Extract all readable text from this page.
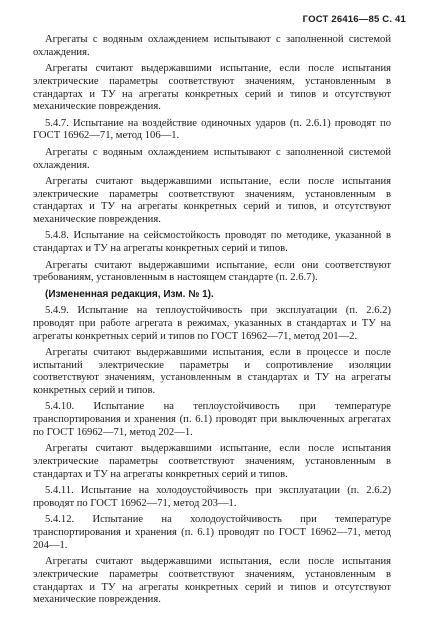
ГОСТ 26416—85 С. 41

Агрегаты с водяным охлаждением испытывают с заполненной системой охлаждения.

Агрегаты считают выдержавшими испытание, если после испытания электрические параметры соответствуют значениям, установленным в стандартах и ТУ на агрегаты конкретных серий и типов и отсутствуют механические повреждения.

5.4.7. Испытание на воздействие одиночных ударов (п. 2.6.1) проводят по ГОСТ 16962—71, метод 106—1.

Агрегаты с водяным охлаждением испытывают с заполненной системой охлаждения.

Агрегаты считают выдержавшими испытание, если после испытания электрические параметры соответствуют значениям, установленным в стандартах и ТУ на агрегаты конкретных серий и типов, и отсутствуют механические повреждения.

5.4.8. Испытание на сейсмостойкость проводят по методике, указанной в стандартах и ТУ на агрегаты конкретных серий и типов.

Агрегаты считают выдержавшими испытание, если они соответствуют требованиям, установленным в настоящем стандарте (п. 2.6.7).

(Измененная редакция, Изм. № 1).

5.4.9. Испытание на теплоустойчивость при эксплуатации (п. 2.6.2) проводят при работе агрегата в режимах, указанных в стандартах и ТУ на агрегаты конкретных серий и типов по ГОСТ 16962—71, метод 201—2.

Агрегаты считают выдержавшими испытания, если в процессе и после испытаний электрические параметры и сопротивление изоляции соответствуют значениям, установленным в стандартах и ТУ на агрегаты конкретных серий и типов.

5.4.10. Испытание на теплоустойчивость при температуре транспортирования и хранения (п. 6.1) проводят при выключенных агрегатах по ГОСТ 16962—71, метод 202—1.

Агрегаты считают выдержавшими испытание, если после испытания электрические параметры соответствуют значениям, установленным в стандартах и ТУ на агрегаты конкретных серий и типов.

5.4.11. Испытание на холодоустойчивость при эксплуатации (п. 2.6.2) проводят по ГОСТ 16962—71, метод 203—1.

5.4.12. Испытание на холодоустойчивость при температуре транспортирования и хранения (п. 6.1) проводят по ГОСТ 16962—71, метод 204—1.

Агрегаты считают выдержавшими испытания, если после испытания электрические параметры соответствуют значениям, установленным в стандартах и ТУ на агрегаты конкретных серий и типов и отсутствуют механические повреждения.
